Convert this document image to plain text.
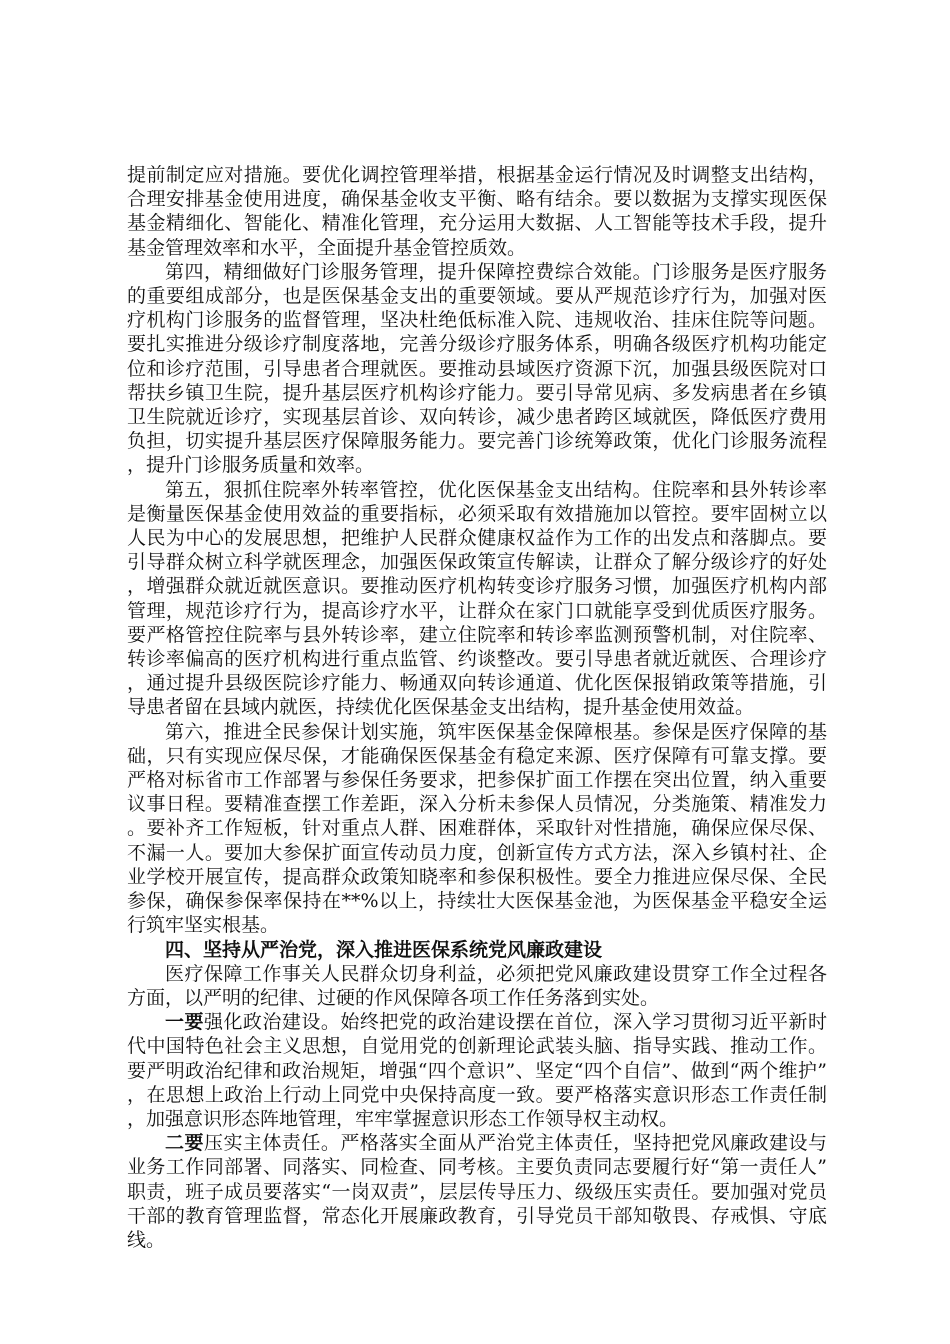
提前制定应对措施。要优化调控管理举措，根据基金运行情况及时调整支出结构，合理安排基金使用进度，确保基金收支平衡、略有结余。要以数据为支撑实现医保基金精细化、智能化、精准化管理，充分运用大数据、人工智能等技术手段，提升基金管理效率和水平，全面提升基金管控质效。

第四，精细做好门诊服务管理，提升保障控费综合效能。门诊服务是医疗服务的重要组成部分，也是医保基金支出的重要领域。要从严规范诊疗行为，加强对医疗机构门诊服务的监督管理，坚决杜绝低标准入院、违规收治、挂床住院等问题。要扎实推进分级诊疗制度落地，完善分级诊疗服务体系，明确各级医疗机构功能定位和诊疗范围，引导患者合理就医。要推动县域医疗资源下沉，加强县级医院对口帮扶乡镇卫生院，提升基层医疗机构诊疗能力。要引导常见病、多发病患者在乡镇卫生院就近诊疗，实现基层首诊、双向转诊，减少患者跨区域就医，降低医疗费用负担，切实提升基层医疗保障服务能力。要完善门诊统筹政策，优化门诊服务流程，提升门诊服务质量和效率。

第五，狠抓住院率外转率管控，优化医保基金支出结构。住院率和县外转诊率是衡量医保基金使用效益的重要指标，必须采取有效措施加以管控。要牢固树立以人民为中心的发展思想，把维护人民群众健康权益作为工作的出发点和落脚点。要引导群众树立科学就医理念，加强医保政策宣传解读，让群众了解分级诊疗的好处，增强群众就近就医意识。要推动医疗机构转变诊疗服务习惯，加强医疗机构内部管理，规范诊疗行为，提高诊疗水平，让群众在家门口就能享受到优质医疗服务。要严格管控住院率与县外转诊率，建立住院率和转诊率监测预警机制，对住院率、转诊率偏高的医疗机构进行重点监管、约谈整改。要引导患者就近就医、合理诊疗，通过提升县级医院诊疗能力、畅通双向转诊通道、优化医保报销政策等措施，引导患者留在县域内就医，持续优化医保基金支出结构，提升基金使用效益。

第六，推进全民参保计划实施，筑牢医保基金保障根基。参保是医疗保障的基础，只有实现应保尽保，才能确保医保基金有稳定来源、医疗保障有可靠支撑。要严格对标省市工作部署与参保任务要求，把参保扩面工作摆在突出位置，纳入重要议事日程。要精准查摆工作差距，深入分析未参保人员情况，分类施策、精准发力。要补齐工作短板，针对重点人群、困难群体，采取针对性措施，确保应保尽保、不漏一人。要加大参保扩面宣传动员力度，创新宣传方式方法，深入乡镇村社、企业学校开展宣传，提高群众政策知晓率和参保积极性。要全力推进应保尽保、全民参保，确保参保率保持在**%以上，持续壮大医保基金池，为医保基金平稳安全运行筑牢坚实根基。

四、坚持从严治党，深入推进医保系统党风廉政建设

医疗保障工作事关人民群众切身利益，必须把党风廉政建设贯穿工作全过程各方面，以严明的纪律、过硬的作风保障各项工作任务落到实处。

一要强化政治建设。始终把党的政治建设摆在首位，深入学习贯彻习近平新时代中国特色社会主义思想，自觉用党的创新理论武装头脑、指导实践、推动工作。要严明政治纪律和政治规矩，增强“四个意识”、坚定“四个自信”、做到“两个维护”，在思想上政治上行动上同党中央保持高度一致。要严格落实意识形态工作责任制，加强意识形态阵地管理，牢牢掌握意识形态工作领导权主动权。

二要压实主体责任。严格落实全面从严治党主体责任，坚持把党风廉政建设与业务工作同部署、同落实、同检查、同考核。主要负责同志要履行好“第一责任人”职责，班子成员要落实“一岗双责”，层层传导压力、级级压实责任。要加强对党员干部的教育管理监督，常态化开展廉政教育，引导党员干部知敬畏、存戒惧、守底线。
